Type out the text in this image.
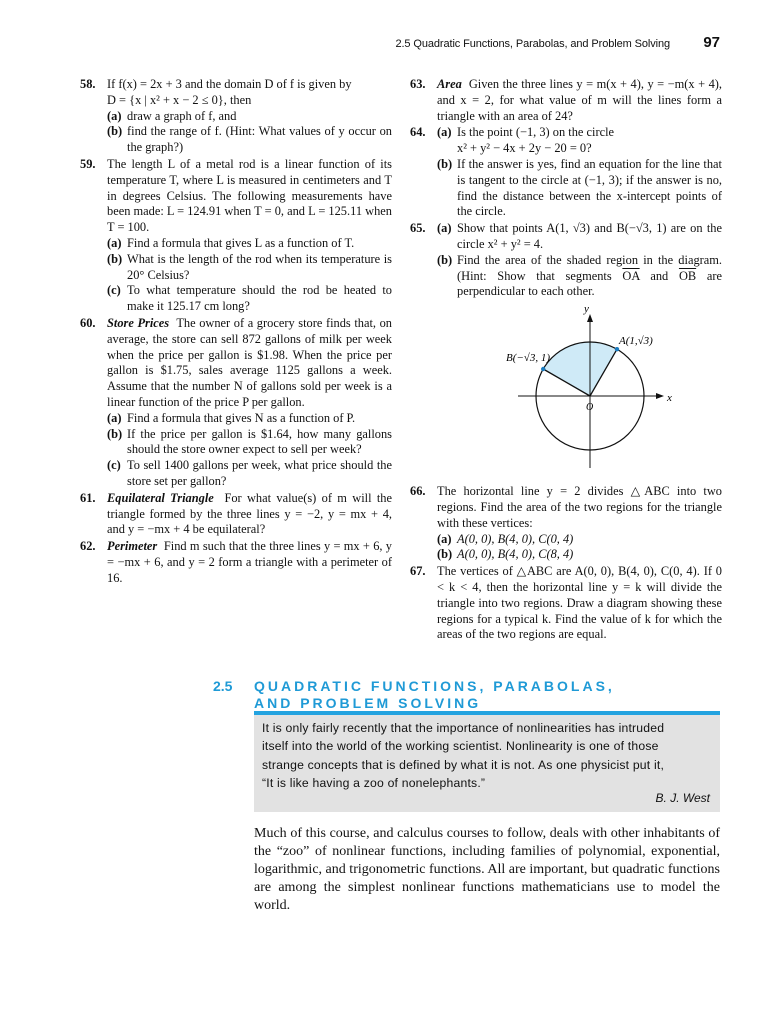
2.5 Quadratic Functions, Parabolas, and Problem Solving 97
58. If f(x) = 2x + 3 and the domain D of f is given by

D = {x | x² + x − 2 ≤ 0}, then

(a) draw a graph of f, and
(b) find the range of f. (Hint: What values of y occur on the graph?)
59. The length L of a metal rod is a linear function of its temperature T, where L is measured in centimeters and T in degrees Celsius. The following measurements have been made: L = 124.91 when T = 0, and L = 125.11 when T = 100.

(a) Find a formula that gives L as a function of T.
(b) What is the length of the rod when its temperature is 20° Celsius?
(c) To what temperature should the rod be heated to make it 125.17 cm long?
60. Store Prices The owner of a grocery store finds that, on average, the store can sell 872 gallons of milk per week when the price per gallon is $1.98. When the price per gallon is $1.75, sales average 1125 gallons a week. Assume that the number N of gallons sold per week is a linear function of the price P per gallon.

(a) Find a formula that gives N as a function of P.
(b) If the price per gallon is $1.64, how many gallons should the store owner expect to sell per week?
(c) To sell 1400 gallons per week, what price should the store set per gallon?
61. Equilateral Triangle For what value(s) of m will the triangle formed by the three lines y = −2, y = mx + 4, and y = −mx + 4 be equilateral?

62. Perimeter Find m such that the three lines y = mx + 6, y = −mx + 6, and y = 2 form a triangle with a perimeter of 16.

63. Area Given the three lines y = m(x + 4), y = −m(x + 4), and x = 2, for what value of m will the lines form a triangle with an area of 24?

64. (a) Is the point (−1, 3) on the circle
x² + y² − 4x + 2y − 20 = 0?
(b) If the answer is yes, find an equation for the line that is tangent to the circle at (−1, 3); if the answer is no, find the distance between the x-intercept points of the circle.
65. (a) Show that points A(1, √3) and B(−√3, 1) are on the circle x² + y² = 4.
(b) Find the area of the shaded region in the diagram. (Hint: Show that segments $\overline{OA}$ and $\overline{OB}$ are perpendicular to each other.
y
x
O
A(1,√3)
B(−√3, 1)
66. The horizontal line y = 2 divides △ABC into two regions. Find the area of the two regions for the triangle with these vertices:

(a) A(0, 0), B(4, 0), C(0, 4)
(b) A(0, 0), B(4, 0), C(8, 4)
67. The vertices of △ABC are A(0, 0), B(4, 0), C(0, 4). If 0 < k < 4, then the horizontal line y = k will divide the triangle into two regions. Draw a diagram showing these regions for a typical k. Find the value of k for which the areas of the two regions are equal.

2.5 QUADRATIC FUNCTIONS, PARABOLAS,
AND PROBLEM SOLVING
It is only fairly recently that the importance of nonlinearities has intruded
itself into the world of the working scientist. Nonlinearity is one of those
strange concepts that is defined by what it is not. As one physicist put it,
“It is like having a zoo of nonelephants.”
B. J. West

Much of this course, and calculus courses to follow, deals with other inhabitants of the “zoo” of nonlinear functions, including families of polynomial, exponential, logarithmic, and trigonometric functions. All are important, but quadratic functions are among the simplest nonlinear functions mathematicians use to model the world.
